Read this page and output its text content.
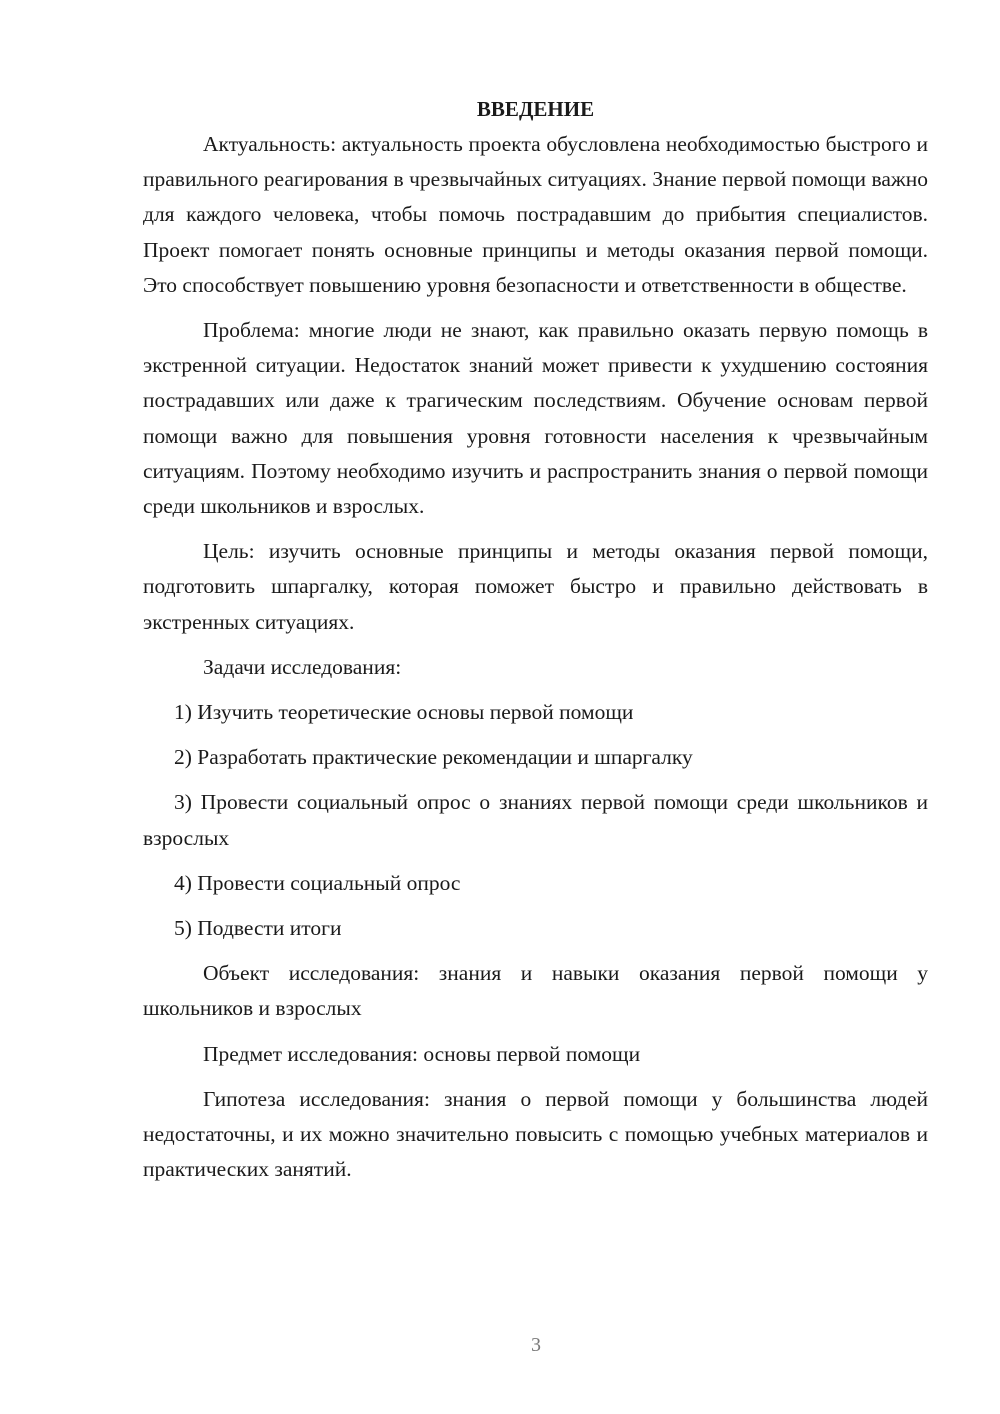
ВВЕДЕНИЕ

Актуальность: актуальность проекта обусловлена необходимостью быстрого и правильного реагирования в чрезвычайных ситуациях. Знание первой помощи важно для каждого человека, чтобы помочь пострадавшим до прибытия специалистов. Проект помогает понять основные принципы и методы оказания первой помощи. Это способствует повышению уровня безопасности и ответственности в обществе.

Проблема: многие люди не знают, как правильно оказать первую помощь в экстренной ситуации. Недостаток знаний может привести к ухудшению состояния пострадавших или даже к трагическим последствиям. Обучение основам первой помощи важно для повышения уровня готовности населения к чрезвычайным ситуациям. Поэтому необходимо изучить и распространить знания о первой помощи среди школьников и взрослых.

Цель: изучить основные принципы и методы оказания первой помощи, подготовить шпаргалку, которая поможет быстро и правильно действовать в экстренных ситуациях.

Задачи исследования:

1) Изучить теоретические основы первой помощи

2) Разработать практические рекомендации и шпаргалку

3) Провести социальный опрос о знаниях первой помощи среди школьников и взрослых

4) Провести социальный опрос

5) Подвести итоги

Объект исследования: знания и навыки оказания первой помощи у школьников и взрослых

Предмет исследования: основы первой помощи

Гипотеза исследования: знания о первой помощи у большинства людей недостаточны, и их можно значительно повысить с помощью учебных материалов и практических занятий.

3
